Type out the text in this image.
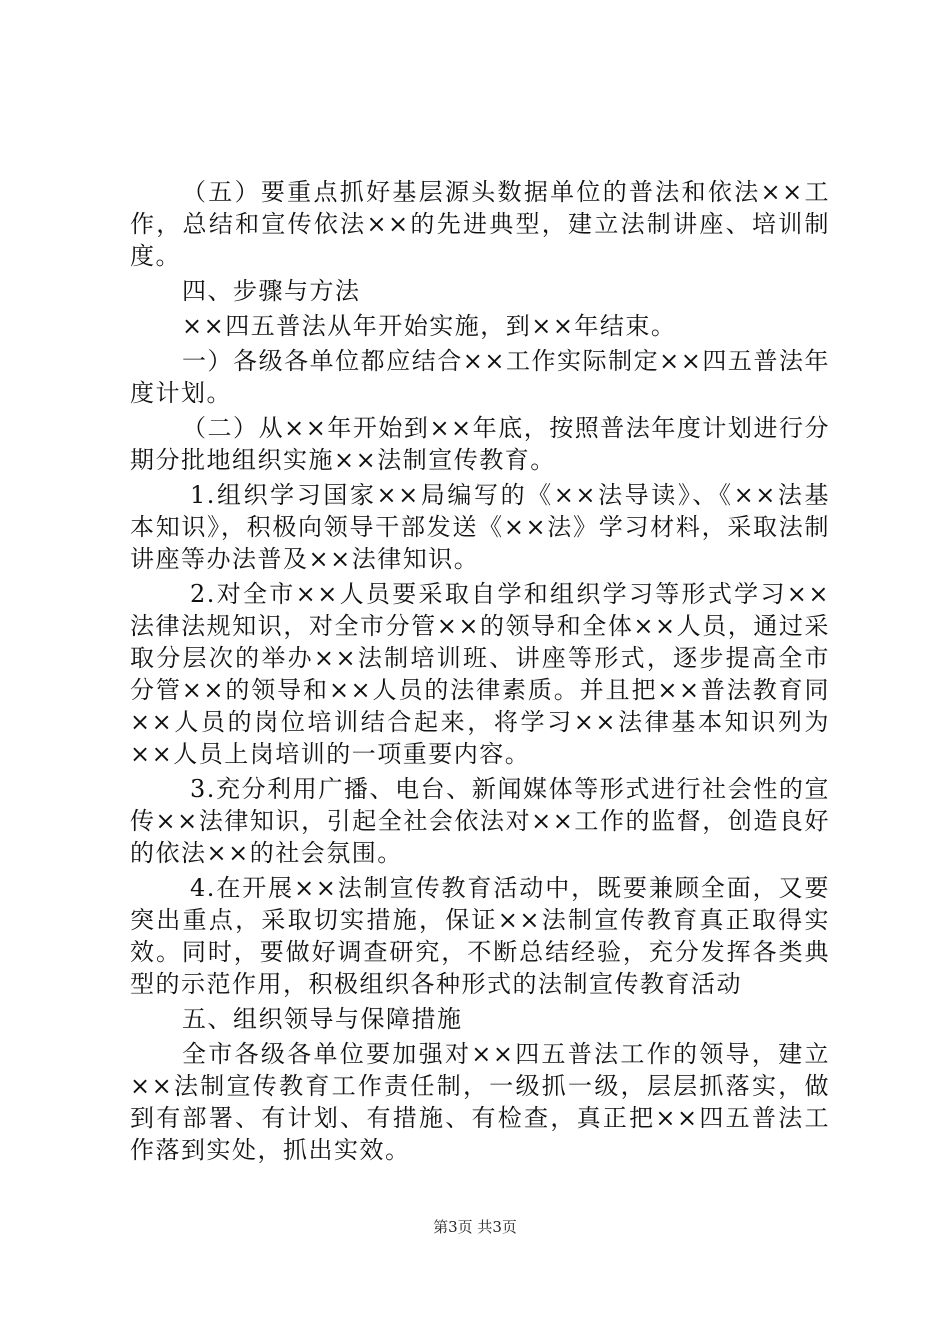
（五）要重点抓好基层源头数据单位的普法和依法××工作，总结和宣传依法××的先进典型，建立法制讲座、培训制度。

四、步骤与方法

××四五普法从年开始实施，到××年结束。

一）各级各单位都应结合××工作实际制定××四五普法年度计划。

（二）从××年开始到××年底，按照普法年度计划进行分期分批地组织实施××法制宣传教育。

1.组织学习国家××局编写的《××法导读》、《××法基本知识》，积极向领导干部发送《××法》学习材料，采取法制讲座等办法普及××法律知识。

2.对全市××人员要采取自学和组织学习等形式学习××法律法规知识，对全市分管××的领导和全体××人员，通过采取分层次的举办××法制培训班、讲座等形式，逐步提高全市分管××的领导和××人员的法律素质。并且把××普法教育同××人员的岗位培训结合起来，将学习××法律基本知识列为××人员上岗培训的一项重要内容。

3.充分利用广播、电台、新闻媒体等形式进行社会性的宣传××法律知识，引起全社会依法对××工作的监督，创造良好的依法××的社会氛围。

4.在开展××法制宣传教育活动中，既要兼顾全面，又要突出重点，采取切实措施，保证××法制宣传教育真正取得实效。同时，要做好调查研究，不断总结经验，充分发挥各类典型的示范作用，积极组织各种形式的法制宣传教育活动

五、组织领导与保障措施

全市各级各单位要加强对××四五普法工作的领导，建立××法制宣传教育工作责任制，一级抓一级，层层抓落实，做到有部署、有计划、有措施、有检查，真正把××四五普法工作落到实处，抓出实效。

第3页 共3页
